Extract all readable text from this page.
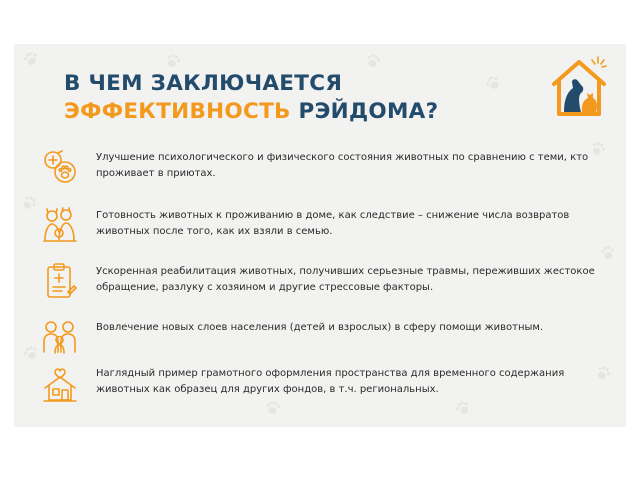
В ЧЕМ ЗАКЛЮЧАЕТСЯ
ЭФФЕКТИВНОСТЬ РЭЙДОМА?

Улучшение психологического и физического состояния животных по сравнению с теми, кто проживает в приютах.

Готовность животных к проживанию в доме, как следствие – снижение числа возвратов животных после того, как их взяли в семью.

Ускоренная реабилитация животных, получивших серьезные травмы, переживших жестокое обращение, разлуку с хозяином и другие стрессовые факторы.

Вовлечение новых слоев населения (детей и взрослых) в сферу помощи животным.

Наглядный пример грамотного оформления пространства для временного содержания животных как образец для других фондов, в т.ч. региональных.
